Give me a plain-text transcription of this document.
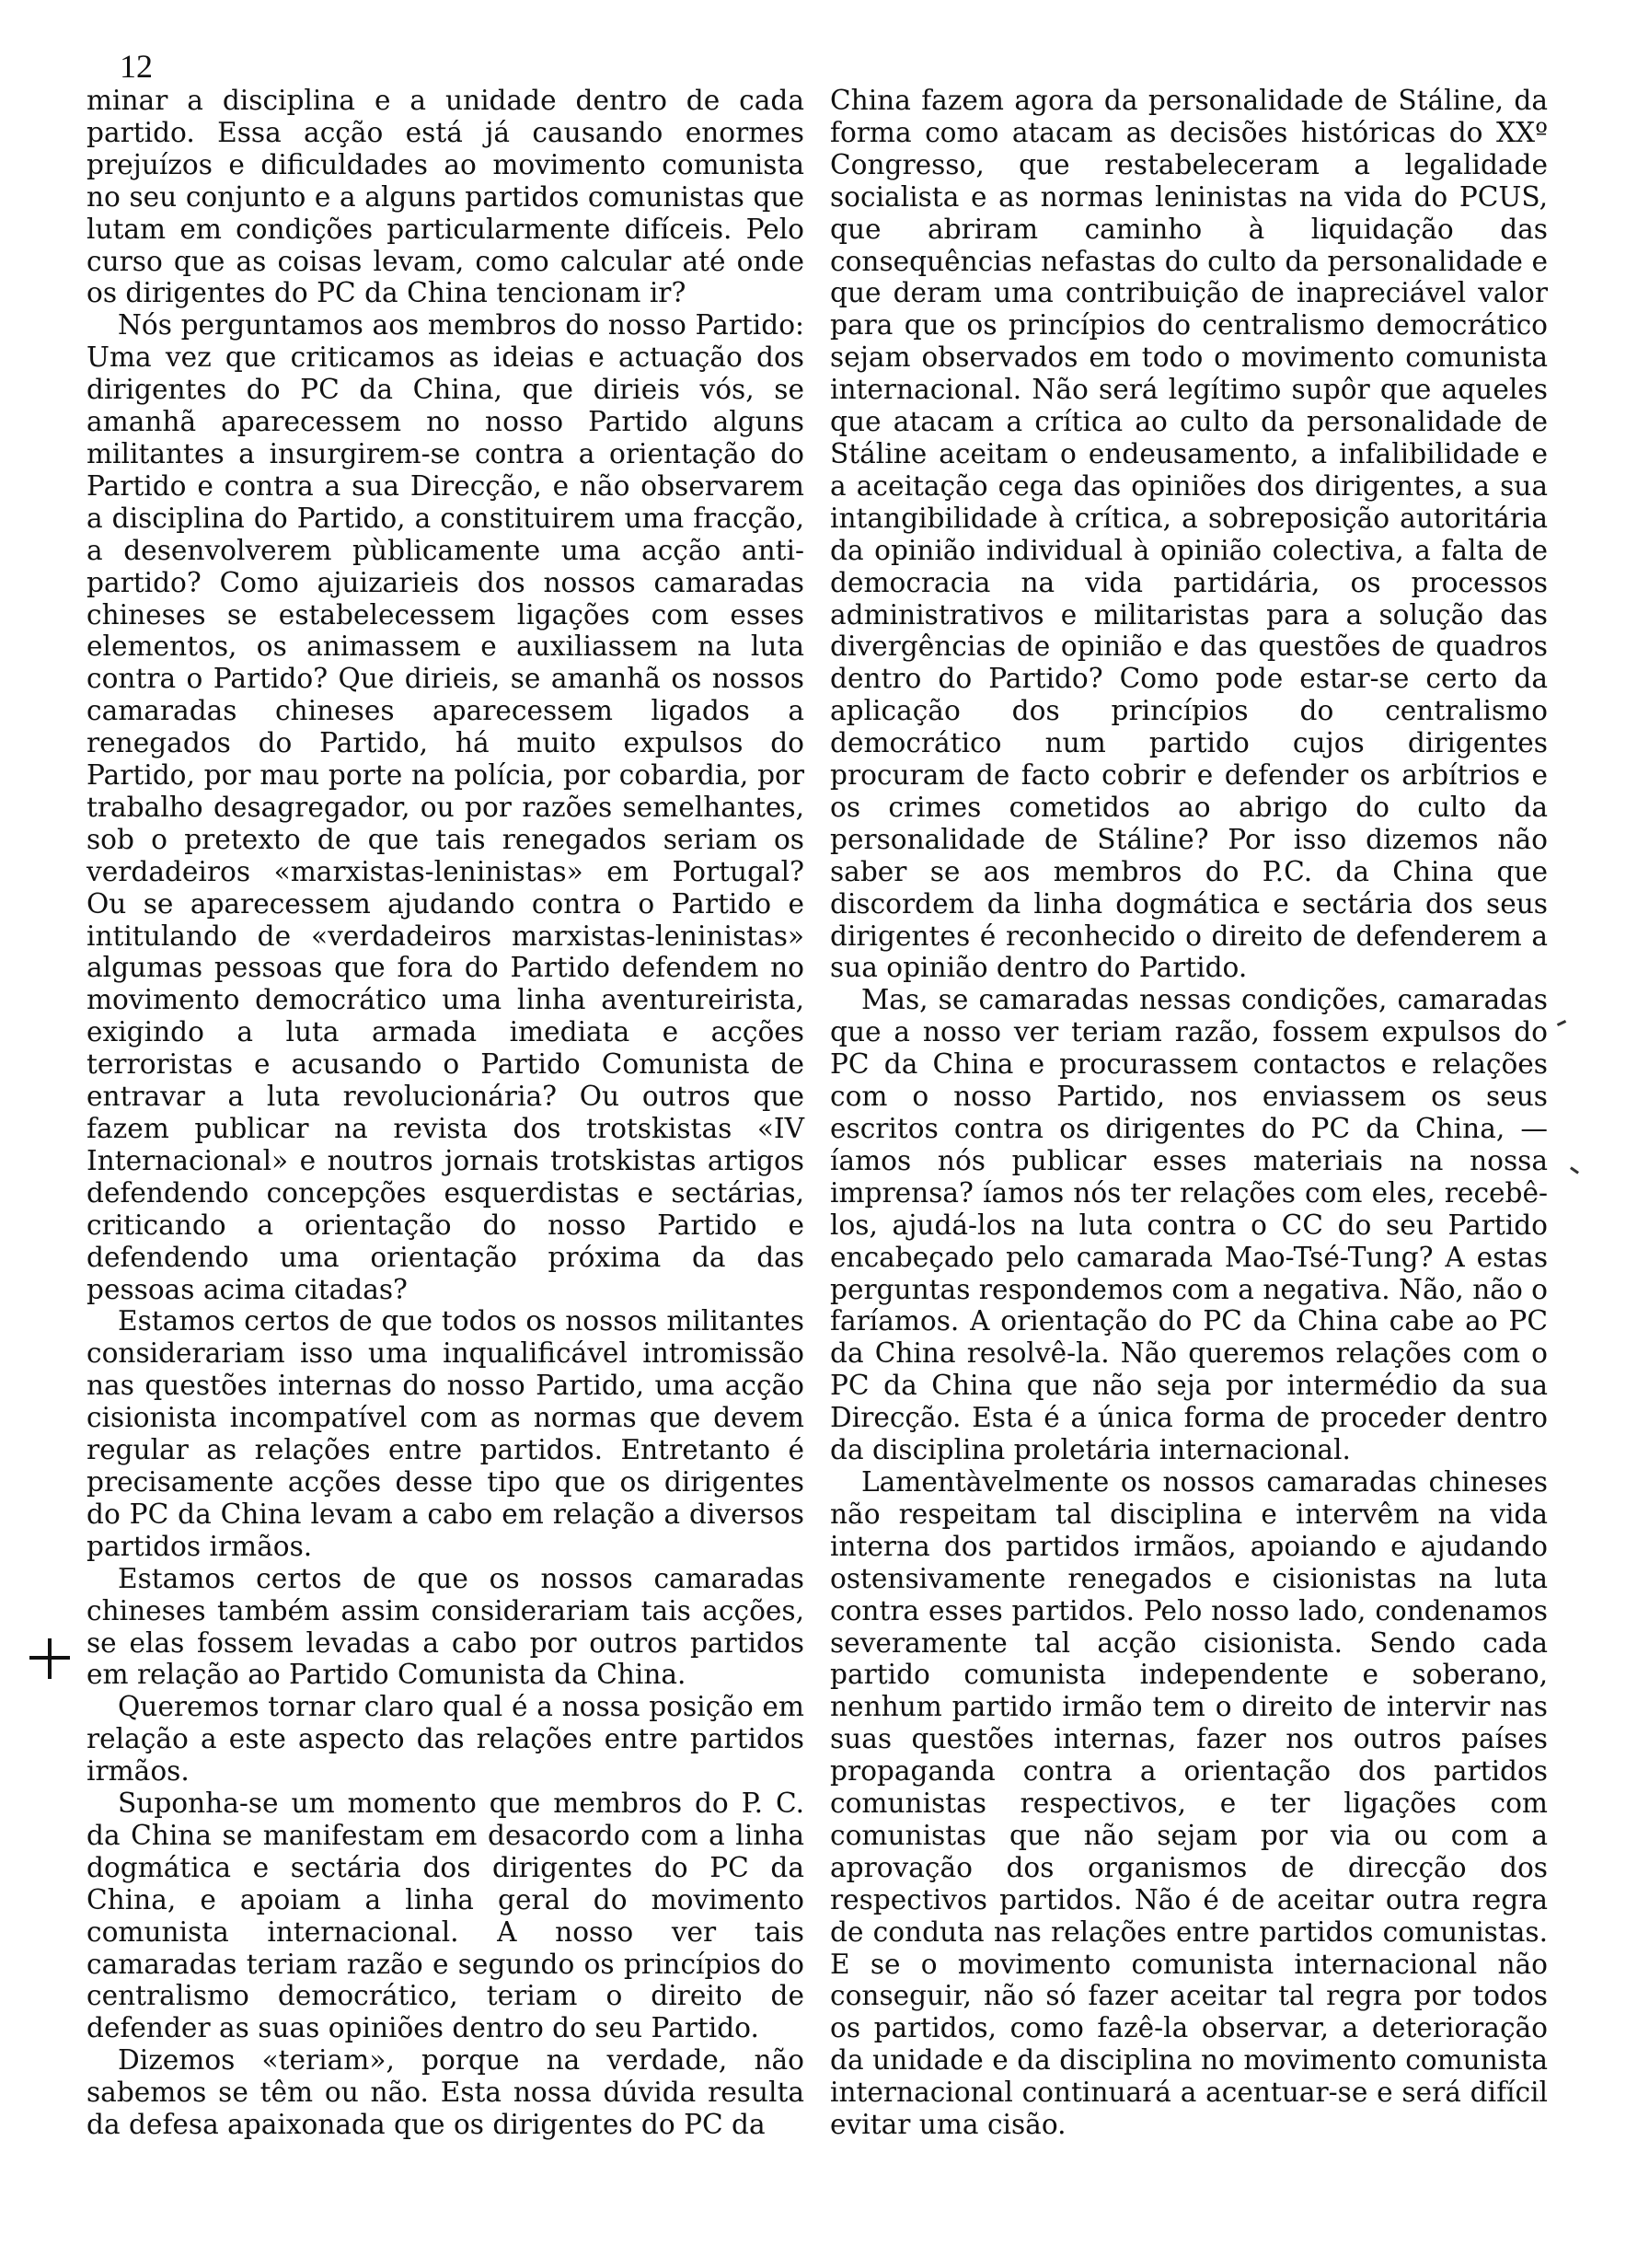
12

minar a disciplina e a unidade dentro de cada partido. Essa acção está já causando enormes prejuízos e dificuldades ao movimento comunista no seu conjunto e a alguns partidos comunistas que lutam em condições particularmente difíceis. Pelo curso que as coisas levam, como calcular até onde os dirigentes do PC da China tencionam ir?

Nós perguntamos aos membros do nosso Partido: Uma vez que criticamos as ideias e actuação dos dirigentes do PC da China, que dirieis vós, se amanhã aparecessem no nosso Partido alguns militantes a insurgirem-se contra a orientação do Partido e contra a sua Direcção, e não observarem a disciplina do Partido, a constituirem uma fracção, a desenvolverem pùblicamente uma acção anti-partido? Como ajuizarieis dos nossos camaradas chineses se estabelecessem ligações com esses elementos, os animassem e auxiliassem na luta contra o Partido? Que dirieis, se amanhã os nossos camaradas chineses aparecessem ligados a renegados do Partido, há muito expulsos do Partido, por mau porte na polícia, por cobardia, por trabalho desagregador, ou por razões semelhantes, sob o pretexto de que tais renegados seriam os verdadeiros «marxistas-leninistas» em Portugal? Ou se aparecessem ajudando contra o Partido e intitulando de «verdadeiros marxistas-leninistas» algumas pessoas que fora do Partido defendem no movimento democrático uma linha aventureirista, exigindo a luta armada imediata e acções terroristas e acusando o Partido Comunista de entravar a luta revolucionária? Ou outros que fazem publicar na revista dos trotskistas «IV Internacional» e noutros jornais trotskistas artigos defendendo concepções esquerdistas e sectárias, criticando a orientação do nosso Partido e defendendo uma orientação próxima da das pessoas acima citadas?

Estamos certos de que todos os nossos militantes considerariam isso uma inqualificável intromissão nas questões internas do nosso Partido, uma acção cisionista incompatível com as normas que devem regular as relações entre partidos. Entretanto é precisamente acções desse tipo que os dirigentes do PC da China levam a cabo em relação a diversos partidos irmãos.

Estamos certos de que os nossos camaradas chineses também assim considerariam tais acções, se elas fossem levadas a cabo por outros partidos em relação ao Partido Comunista da China.

Queremos tornar claro qual é a nossa posição em relação a este aspecto das relações entre partidos irmãos.

Suponha-se um momento que membros do P. C. da China se manifestam em desacordo com a linha dogmática e sectária dos dirigentes do PC da China, e apoiam a linha geral do movimento comunista internacional. A nosso ver tais camaradas teriam razão e segundo os princípios do centralismo democrático, teriam o direito de defender as suas opiniões dentro do seu Partido.

Dizemos «teriam», porque na verdade, não sabemos se têm ou não. Esta nossa dúvida resulta da defesa apaixonada que os dirigentes do PC da

China fazem agora da personalidade de Stáline, da forma como atacam as decisões históricas do XXº Congresso, que restabeleceram a legalidade socialista e as normas leninistas na vida do PCUS, que abriram caminho à liquidação das consequências nefastas do culto da personalidade e que deram uma contribuição de inapreciável valor para que os princípios do centralismo democrático sejam observados em todo o movimento comunista internacional. Não será legítimo supôr que aqueles que atacam a crítica ao culto da personalidade de Stáline aceitam o endeusamento, a infalibilidade e a aceitação cega das opiniões dos dirigentes, a sua intangibilidade à crítica, a sobreposição autoritária da opinião individual à opinião colectiva, a falta de democracia na vida partidária, os processos administrativos e militaristas para a solução das divergências de opinião e das questões de quadros dentro do Partido? Como pode estar-se certo da aplicação dos princípios do centralismo democrático num partido cujos dirigentes procuram de facto cobrir e defender os arbítrios e os crimes cometidos ao abrigo do culto da personalidade de Stáline? Por isso dizemos não saber se aos membros do P.C. da China que discordem da linha dogmática e sectária dos seus dirigentes é reconhecido o direito de defenderem a sua opinião dentro do Partido.

Mas, se camaradas nessas condições, camaradas que a nosso ver teriam razão, fossem expulsos do PC da China e procurassem contactos e relações com o nosso Partido, nos enviassem os seus escritos contra os dirigentes do PC da China, — íamos nós publicar esses materiais na nossa imprensa? íamos nós ter relações com eles, recebê-los, ajudá-los na luta contra o CC do seu Partido encabeçado pelo camarada Mao-Tsé-Tung? A estas perguntas respondemos com a negativa. Não, não o faríamos. A orientação do PC da China cabe ao PC da China resolvê-la. Não queremos relações com o PC da China que não seja por intermédio da sua Direcção. Esta é a única forma de proceder dentro da disciplina proletária internacional.

Lamentàvelmente os nossos camaradas chineses não respeitam tal disciplina e intervêm na vida interna dos partidos irmãos, apoiando e ajudando ostensivamente renegados e cisionistas na luta contra esses partidos. Pelo nosso lado, condenamos severamente tal acção cisionista. Sendo cada partido comunista independente e soberano, nenhum partido irmão tem o direito de intervir nas suas questões internas, fazer nos outros países propaganda contra a orientação dos partidos comunistas respectivos, e ter ligações com comunistas que não sejam por via ou com a aprovação dos organismos de direcção dos respectivos partidos. Não é de aceitar outra regra de conduta nas relações entre partidos comunistas. E se o movimento comunista internacional não conseguir, não só fazer aceitar tal regra por todos os partidos, como fazê-la observar, a deterioração da unidade e da disciplina no movimento comunista internacional continuará a acentuar-se e será difícil evitar uma cisão.
